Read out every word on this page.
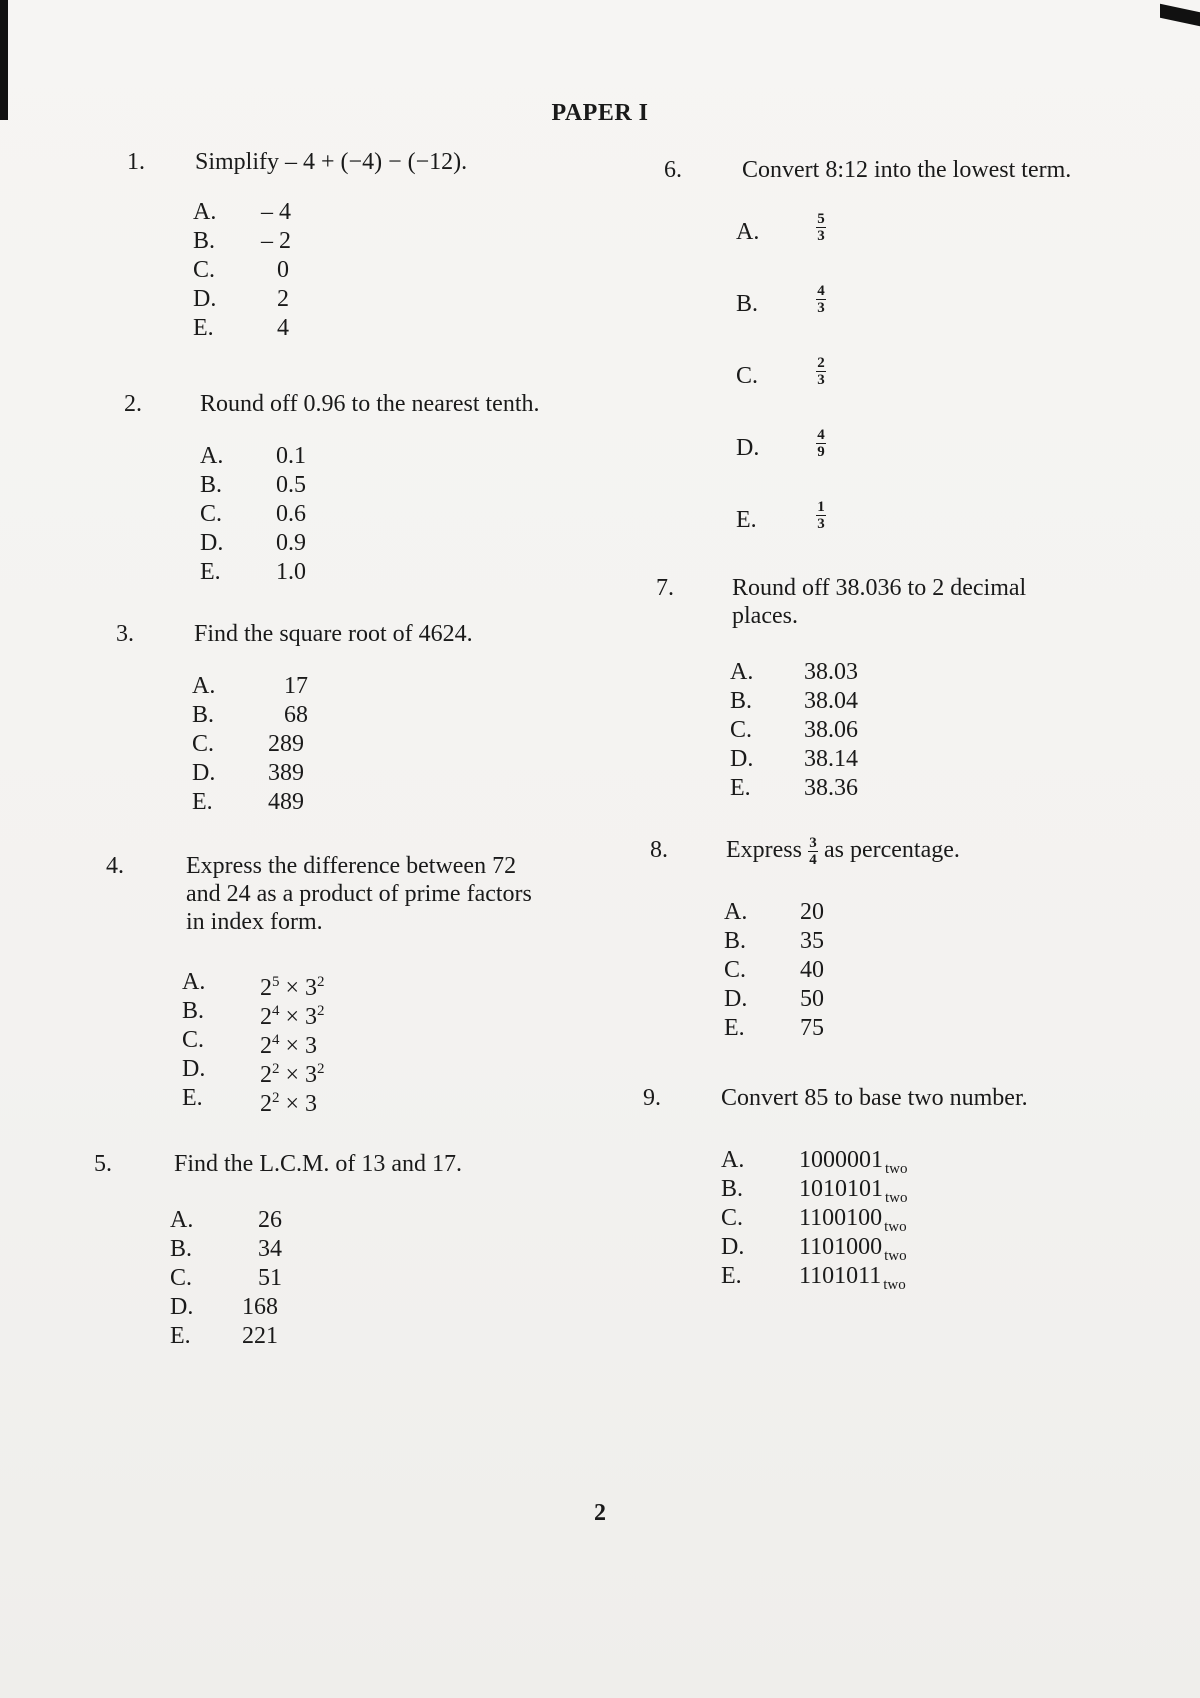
PAPER I
1. Simplify – 4 + (−4) − (−12).
A. – 4
B. – 2
C.	0
D.	2
E.	4
2. Round off 0.96 to the nearest tenth.
A. 0.1
B. 0.5
C. 0.6
D. 0.9
E. 1.0
3.	Find the square root of 4624.
A.	17
B.	68
C. 289
D. 389
E. 489
4.	Express the difference between 72
and 24 as a product of prime factors
in index form.
A. $2^5 \times 3^2$
B. $2^4 \times 3^2$
C. $2^4 \times 3$
D. $2^2 \times 3^2$
E. $2^2 \times 3$
5.	Find the L.C.M. of 13 and 17.
A.	26
B.	34
C.	51
D. 168
E. 221
6.	Convert 8:12 into the lowest term.
A.	5
3
B.	4
3
C.	2
3
D.	4
9
E.	1
3
7. Round off 38.036 to 2 decimal
places.
A. 38.03
B. 38.04
C. 38.06
D. 38.14
E. 38.36
8. Express $\frac{3}{4}$ as percentage.
A. 20
B. 35
C. 40
D. 50
E. 75
9.	Convert 85 to base two number.
A. 1000001 $_{two}$
B. 1010101 $_{two}$
C. 1100100 $_{two}$
D. 1101000 $_{two}$
E. 1101011 $_{two}$
2
